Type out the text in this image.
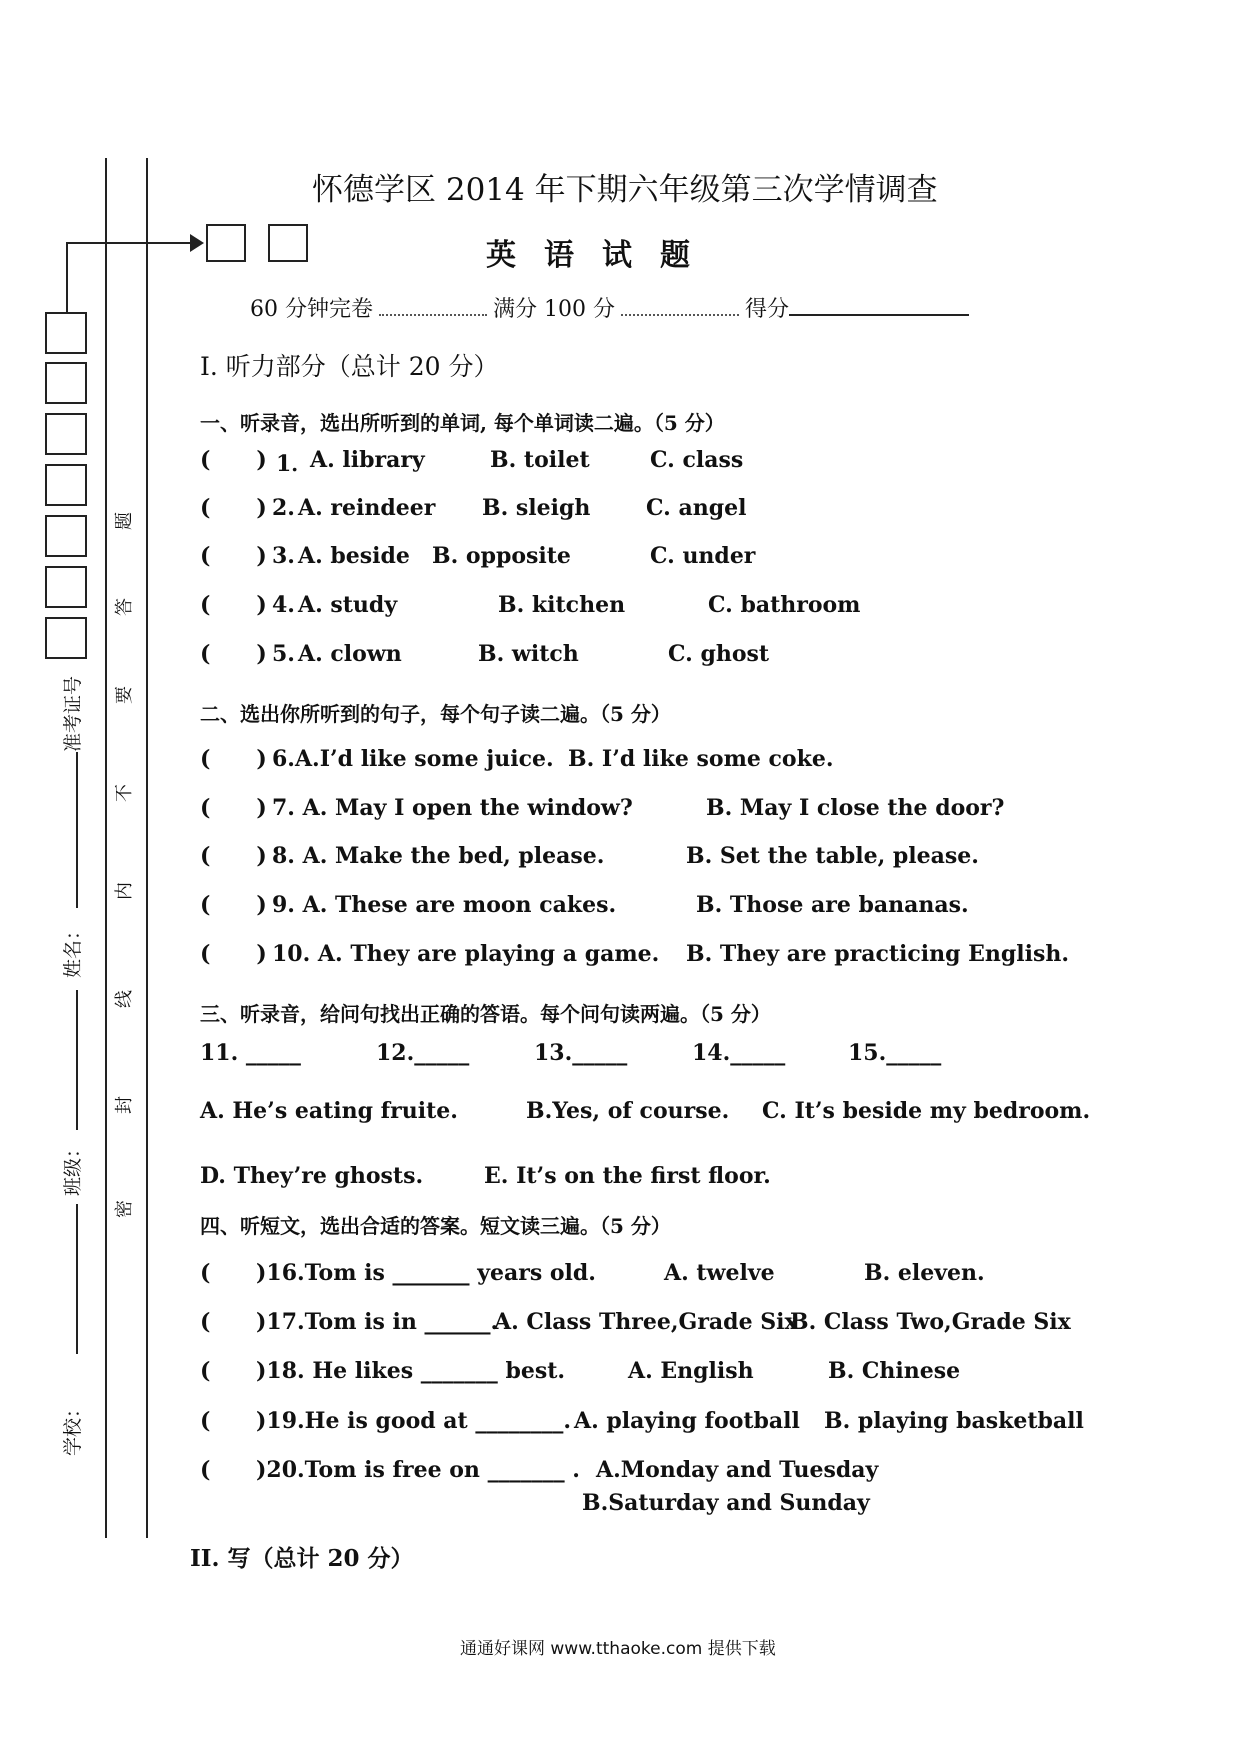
准考证号
姓名：
班级：
学校：
题
答
要
不
内
线
封
密
怀德学区 2014 年下期六年级第三次学情调查
英语试题
60 分钟完卷	满分 100 分	得分
I. 听力部分（总计 20 分）
一、听录音，选出所听到的单词, 每个单词读二遍。（5 分）
(      ) 1．
A. library	B. toilet	C. class
(      ) 2. A. reindeer B. sleigh	C. angel
(      ) 3. A. beside B. opposite	C. under
(      ) 4. A. study	B. kitchen	C. bathroom
(      ) 5. A. clown	B. witch	C. ghost
二、选出你所听到的句子，每个句子读二遍。（5 分）
(      ) 6.A.I’d like some juice. B. I’d like some coke.
(      ) 7. A. May I open the window?	B. May I close the door?
(      ) 8. A. Make the bed, please.	B. Set the table, please.
(      ) 9. A. These are moon cakes.	B. Those are bananas.
(      ) 10. A. They are playing a game. B. They are practicing English.
三、听录音，给问句找出正确的答语。每个问句读两遍。（5 分）
11. _____	12._____	13._____	14._____	15._____
A. He’s eating fruite.	B.Yes, of course. C. It’s beside my bedroom.
D. They’re ghosts.	E. It’s on the first floor.
四、听短文，选出合适的答案。短文读三遍。（5 分）
( )16.Tom is _______ years old.	A. twelve	B. eleven.
( )17.Tom is in ______.
A. Class Three,Grade Six
B. Class Two,Grade Six
( )18. He likes _______ best.	A. English	B. Chinese
( )19.He is good at ________. A. playing football B. playing basketball
( )20.Tom is free on _______ . A.Monday and Tuesday
B.Saturday and Sunday
II. 写（总计 20 分）
通通好课网 www.tthaoke.com 提供下载
